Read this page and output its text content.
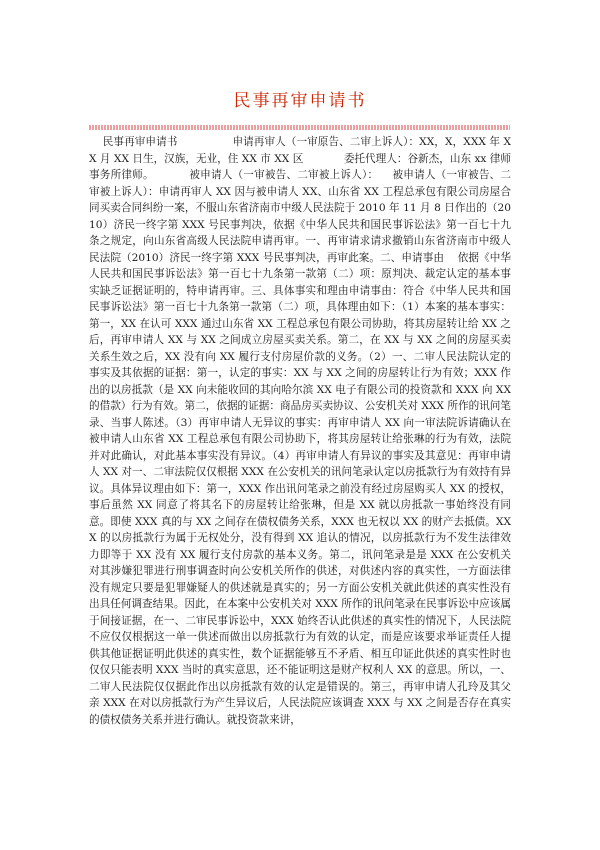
民事再审申请书
民事再审申请书                申请再审人（一审原告、二审上诉人）：XX，X，XXX 年 XX 月 XX 日生，汉族，无业，住 XX 市 XX 区            委托代理人：谷新杰，山东 xx 律师事务所律师。          被申请人（一审被告、二审被上诉人）：    被申请人（一审被告、二审被上诉人）：申请再审人 XX 因与被申请人 XX、山东省 XX 工程总承包有限公司房屋合同买卖合同纠纷一案，不服山东省济南市中级人民法院于 2010 年 11 月 8 日作出的（2010）济民一终字第 XXX 号民事判决，依据《中华人民共和国民事诉讼法》第一百七十九条之规定，向山东省高级人民法院申请再审。一、再审请求请求撤销山东省济南市中级人民法院（2010）济民一终字第 XXX 号民事判决，再审此案。二、申请事由    依据《中华人民共和国民事诉讼法》第一百七十九条第一款第（二）项：原判决、裁定认定的基本事实缺乏证据证明的，特申请再审。三、具体事实和理由申请事由：符合《中华人民共和国民事诉讼法》第一百七十九条第一款第（二）项，具体理由如下：（1）本案的基本事实：第一，XX 在认可 XXX 通过山东省 XX 工程总承包有限公司协助，将其房屋转让给 XX 之后，再审申请人 XX 与 XX 之间成立房屋买卖关系。第二，在 XX 与 XX 之间的房屋买卖关系生效之后，XX 没有向 XX 履行支付房屋价款的义务。（2）一、二审人民法院认定的事实及其依据的证据：第一，认定的事实：XX 与 XX 之间的房屋转让行为有效；XXX 作出的以房抵款（是 XX 向未能收回的其向哈尔滨 XX 电子有限公司的投资款和 XXX 向 XX 的借款）行为有效。第二，依据的证据：商品房买卖协议、公安机关对 XXX 所作的讯问笔录、当事人陈述。（3）再审申请人无异议的事实：再审申请人 XX 向一审法院诉请确认在被申请人山东省 XX 工程总承包有限公司协助下，将其房屋转让给张琳的行为有效，法院并对此确认，对此基本事实没有异议。（4）再审申请人有异议的事实及其意见：再审申请人 XX 对一、二审法院仅仅根据 XXX 在公安机关的讯问笔录认定以房抵款行为有效持有异议。具体异议理由如下：第一，XXX 作出讯问笔录之前没有经过房屋购买人 XX 的授权，事后虽然 XX 同意了将其名下的房屋转让给张琳，但是 XX 就以房抵款一事始终没有同意。即使 XXX 真的与 XX 之间存在债权债务关系，XXX 也无权以 XX 的财产去抵债。XXX 的以房抵款行为属于无权处分，没有得到 XX 追认的情况，以房抵款行为不发生法律效力即等于 XX 没有 XX 履行支付房款的基本义务。第二，讯问笔录是是 XXX 在公安机关对其涉嫌犯罪进行刑事调查时向公安机关所作的供述，对供述内容的真实性，一方面法律没有规定只要是犯罪嫌疑人的供述就是真实的；另一方面公安机关就此供述的真实性没有出具任何调查结果。因此，在本案中公安机关对 XXX 所作的讯问笔录在民事诉讼中应该属于间接证据，在一、二审民事诉讼中，XXX 始终否认此供述的真实性的情况下，人民法院不应仅仅根据这一单一供述而做出以房抵款行为有效的认定，而是应该要求举证责任人提供其他证据证明此供述的真实性，数个证据能够互不矛盾、相互印证此供述的真实性时也仅仅只能表明 XXX 当时的真实意思，还不能证明这是财产权利人 XX 的意思。所以，一、二审人民法院仅仅据此作出以房抵款有效的认定是错误的。第三，再审申请人孔玲及其父亲 XXX 在对以房抵款行为产生异议后，人民法院应该调查 XXX 与 XX 之间是否存在真实的债权债务关系并进行确认。就投资款来讲，
